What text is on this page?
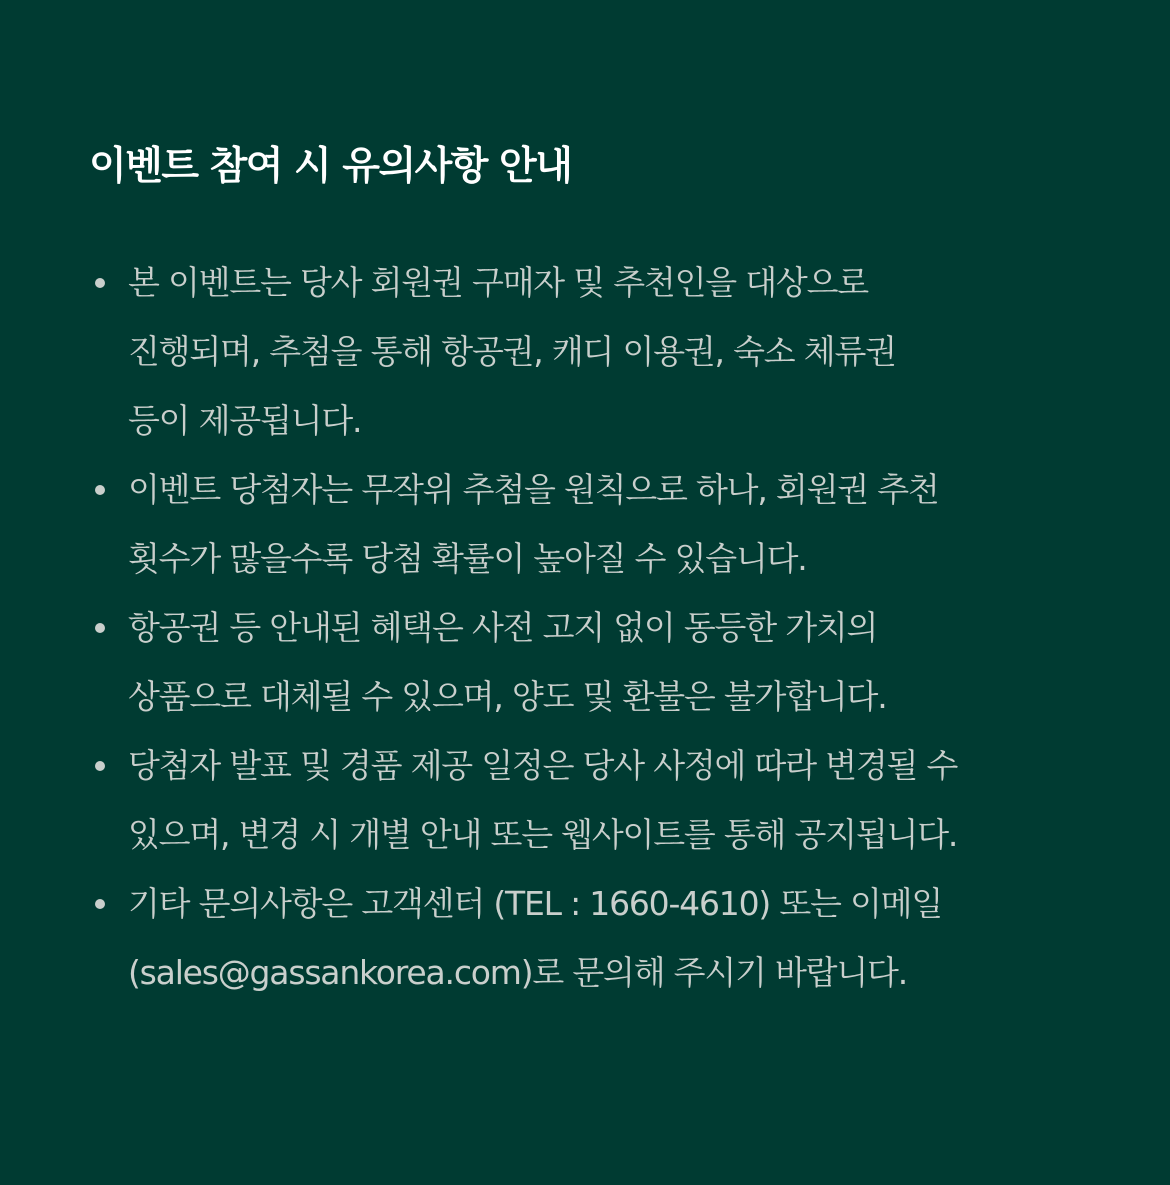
이벤트 참여 시 유의사항 안내
본 이벤트는 당사 회원권 구매자 및 추천인을 대상으로
진행되며, 추첨을 통해 항공권, 캐디 이용권, 숙소 체류권
등이 제공됩니다.
이벤트 당첨자는 무작위 추첨을 원칙으로 하나, 회원권 추천
횟수가 많을수록 당첨 확률이 높아질 수 있습니다.
항공권 등 안내된 혜택은 사전 고지 없이 동등한 가치의
상품으로 대체될 수 있으며, 양도 및 환불은 불가합니다.
당첨자 발표 및 경품 제공 일정은 당사 사정에 따라 변경될 수
있으며, 변경 시 개별 안내 또는 웹사이트를 통해 공지됩니다.
기타 문의사항은 고객센터 (TEL : 1660-4610) 또는 이메일
(sales@gassankorea.com)로 문의해 주시기 바랍니다.
